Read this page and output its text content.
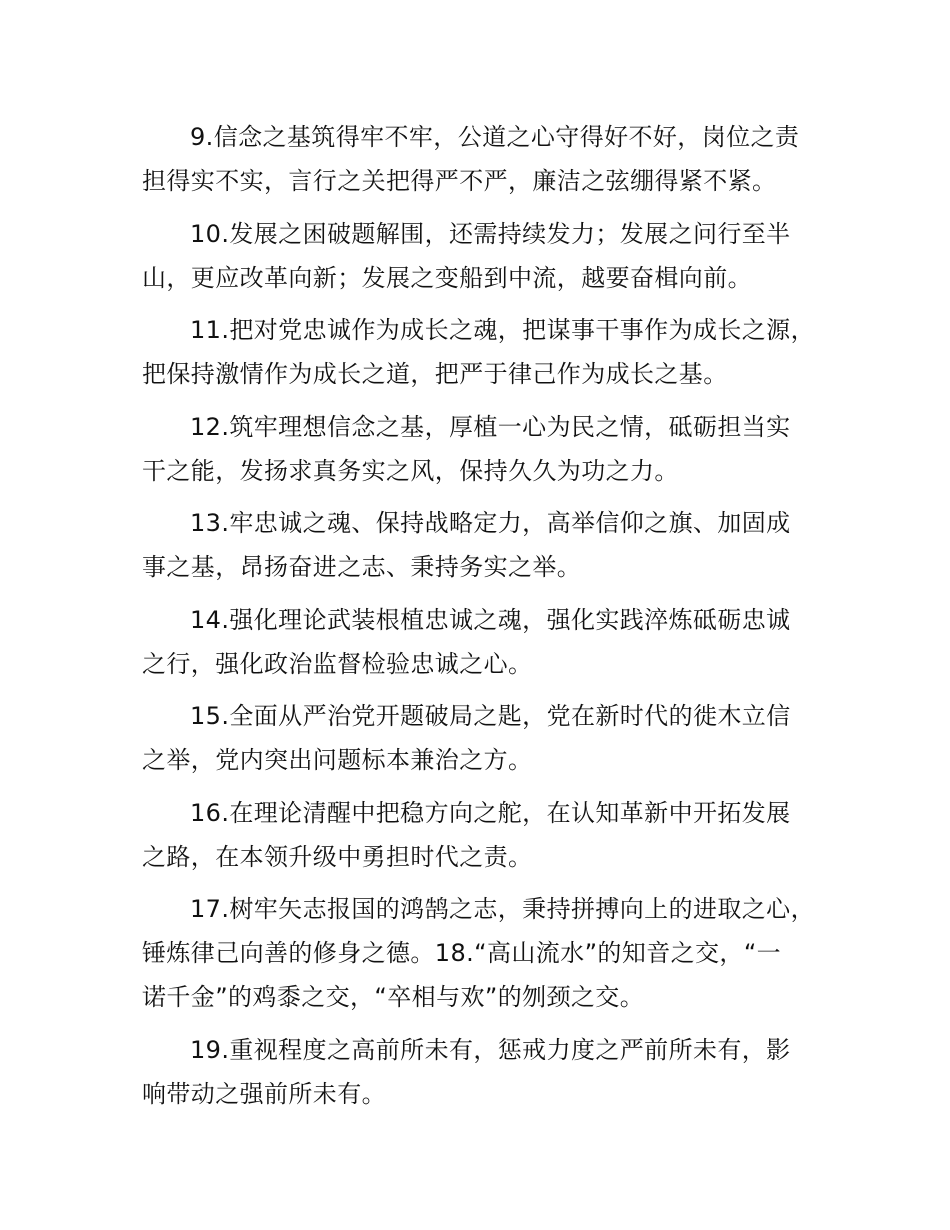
9.信念之基筑得牢不牢，公道之心守得好不好，岗位之责
担得实不实，言行之关把得严不严，廉洁之弦绷得紧不紧。
10.发展之困破题解围，还需持续发力；发展之问行至半
山，更应改革向新；发展之变船到中流，越要奋楫向前。
11.把对党忠诚作为成长之魂，把谋事干事作为成长之源，
把保持激情作为成长之道，把严于律己作为成长之基。
12.筑牢理想信念之基，厚植一心为民之情，砥砺担当实
干之能，发扬求真务实之风，保持久久为功之力。
13.牢忠诚之魂、保持战略定力，高举信仰之旗、加固成
事之基，昂扬奋进之志、秉持务实之举。
14.强化理论武装根植忠诚之魂，强化实践淬炼砥砺忠诚
之行，强化政治监督检验忠诚之心。
15.全面从严治党开题破局之匙，党在新时代的徙木立信
之举，党内突出问题标本兼治之方。
16.在理论清醒中把稳方向之舵，在认知革新中开拓发展
之路，在本领升级中勇担时代之责。
17.树牢矢志报国的鸿鹄之志，秉持拼搏向上的进取之心，
锤炼律己向善的修身之德。18.“高山流水”的知音之交，“一
诺千金”的鸡黍之交，“卒相与欢”的刎颈之交。
19.重视程度之高前所未有，惩戒力度之严前所未有，影
响带动之强前所未有。
